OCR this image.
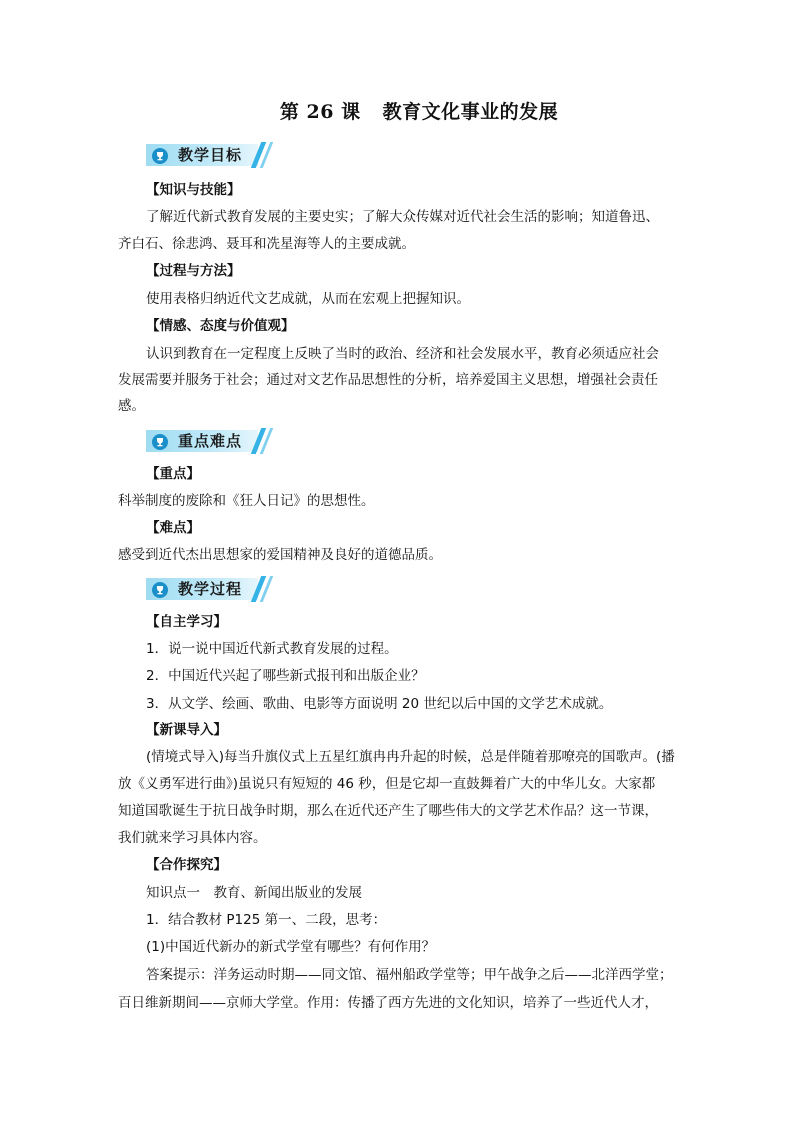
第 26 课 教育文化事业的发展
教学目标
【知识与技能】
了解近代新式教育发展的主要史实；了解大众传媒对近代社会生活的影响；知道鲁迅、
齐白石、徐悲鸿、聂耳和冼星海等人的主要成就。
【过程与方法】
使用表格归纳近代文艺成就，从而在宏观上把握知识。
【情感、态度与价值观】
认识到教育在一定程度上反映了当时的政治、经济和社会发展水平，教育必须适应社会
发展需要并服务于社会；通过对文艺作品思想性的分析，培养爱国主义思想，增强社会责任
感。
重点难点
【重点】
科举制度的废除和《狂人日记》的思想性。
【难点】
感受到近代杰出思想家的爱国精神及良好的道德品质。
教学过程
【自主学习】
1．说一说中国近代新式教育发展的过程。
2．中国近代兴起了哪些新式报刊和出版企业？
3．从文学、绘画、歌曲、电影等方面说明 20 世纪以后中国的文学艺术成就。
【新课导入】
(情境式导入)每当升旗仪式上五星红旗冉冉升起的时候，总是伴随着那嘹亮的国歌声。(播
放《义勇军进行曲》)虽说只有短短的 46 秒，但是它却一直鼓舞着广大的中华儿女。大家都
知道国歌诞生于抗日战争时期，那么在近代还产生了哪些伟大的文学艺术作品？这一节课，
我们就来学习具体内容。
【合作探究】
知识点一　教育、新闻出版业的发展
1．结合教材 P125 第一、二段，思考：
(1)中国近代新办的新式学堂有哪些？有何作用？
答案提示：洋务运动时期——同文馆、福州船政学堂等；甲午战争之后——北洋西学堂；
百日维新期间——京师大学堂。作用：传播了西方先进的文化知识，培养了一些近代人才，
